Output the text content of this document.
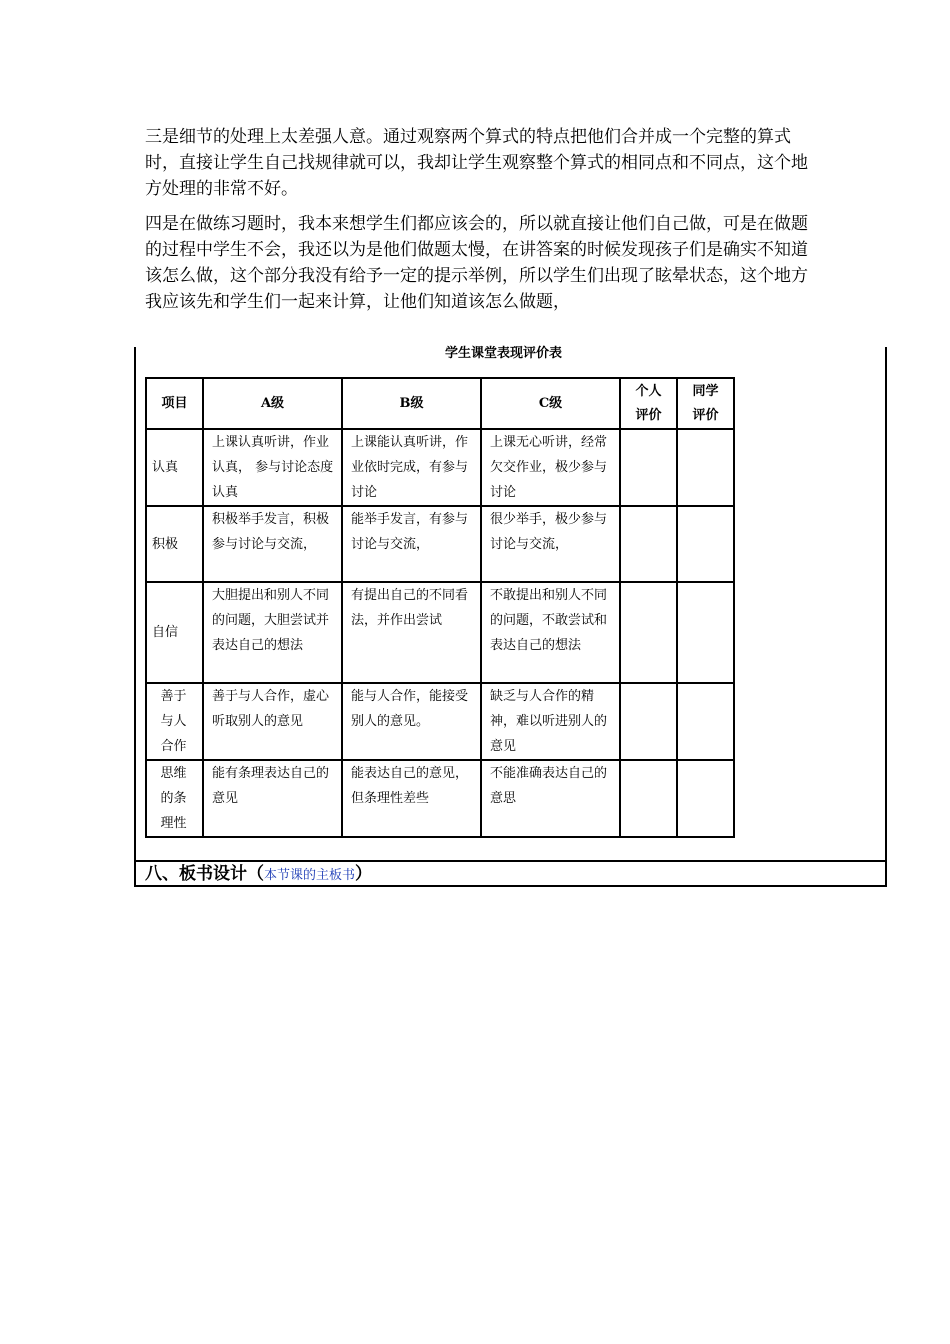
三是细节的处理上太差强人意。通过观察两个算式的特点把他们合并成一个完整的算式时，直接让学生自己找规律就可以，我却让学生观察整个算式的相同点和不同点，这个地方处理的非常不好。

四是在做练习题时，我本来想学生们都应该会的，所以就直接让他们自己做，可是在做题的过程中学生不会，我还以为是他们做题太慢，在讲答案的时候发现孩子们是确实不知道该怎么做，这个部分我没有给予一定的提示举例，所以学生们出现了眩晕状态，这个地方我应该先和学生们一起来计算，让他们知道该怎么做题，

学生课堂表现评价表
项目	A级	B级	C级	个人评价	同学评价
认真	上课认真听讲，作业认真， 参与讨论态度认真	上课能认真听讲，作业依时完成，有参与讨论	上课无心听讲，经常欠交作业，极少参与讨论		
积极	积极举手发言，积极参与讨论与交流，	能举手发言，有参与讨论与交流，	很少举手，极少参与讨论与交流，		
自信	大胆提出和别人不同的问题，大胆尝试并表达自己的想法	有提出自己的不同看法，并作出尝试	不敢提出和别人不同的问题，不敢尝试和表达自己的想法		
善于与人合作	善于与人合作，虚心听取别人的意见	能与人合作，能接受别人的意见。	缺乏与人合作的精神，难以听进别人的意见		
思维的条理性	能有条理表达自己的意见	能表达自己的意见，但条理性差些	不能准确表达自己的意思		
八、板书设计（本节课的主板书）
